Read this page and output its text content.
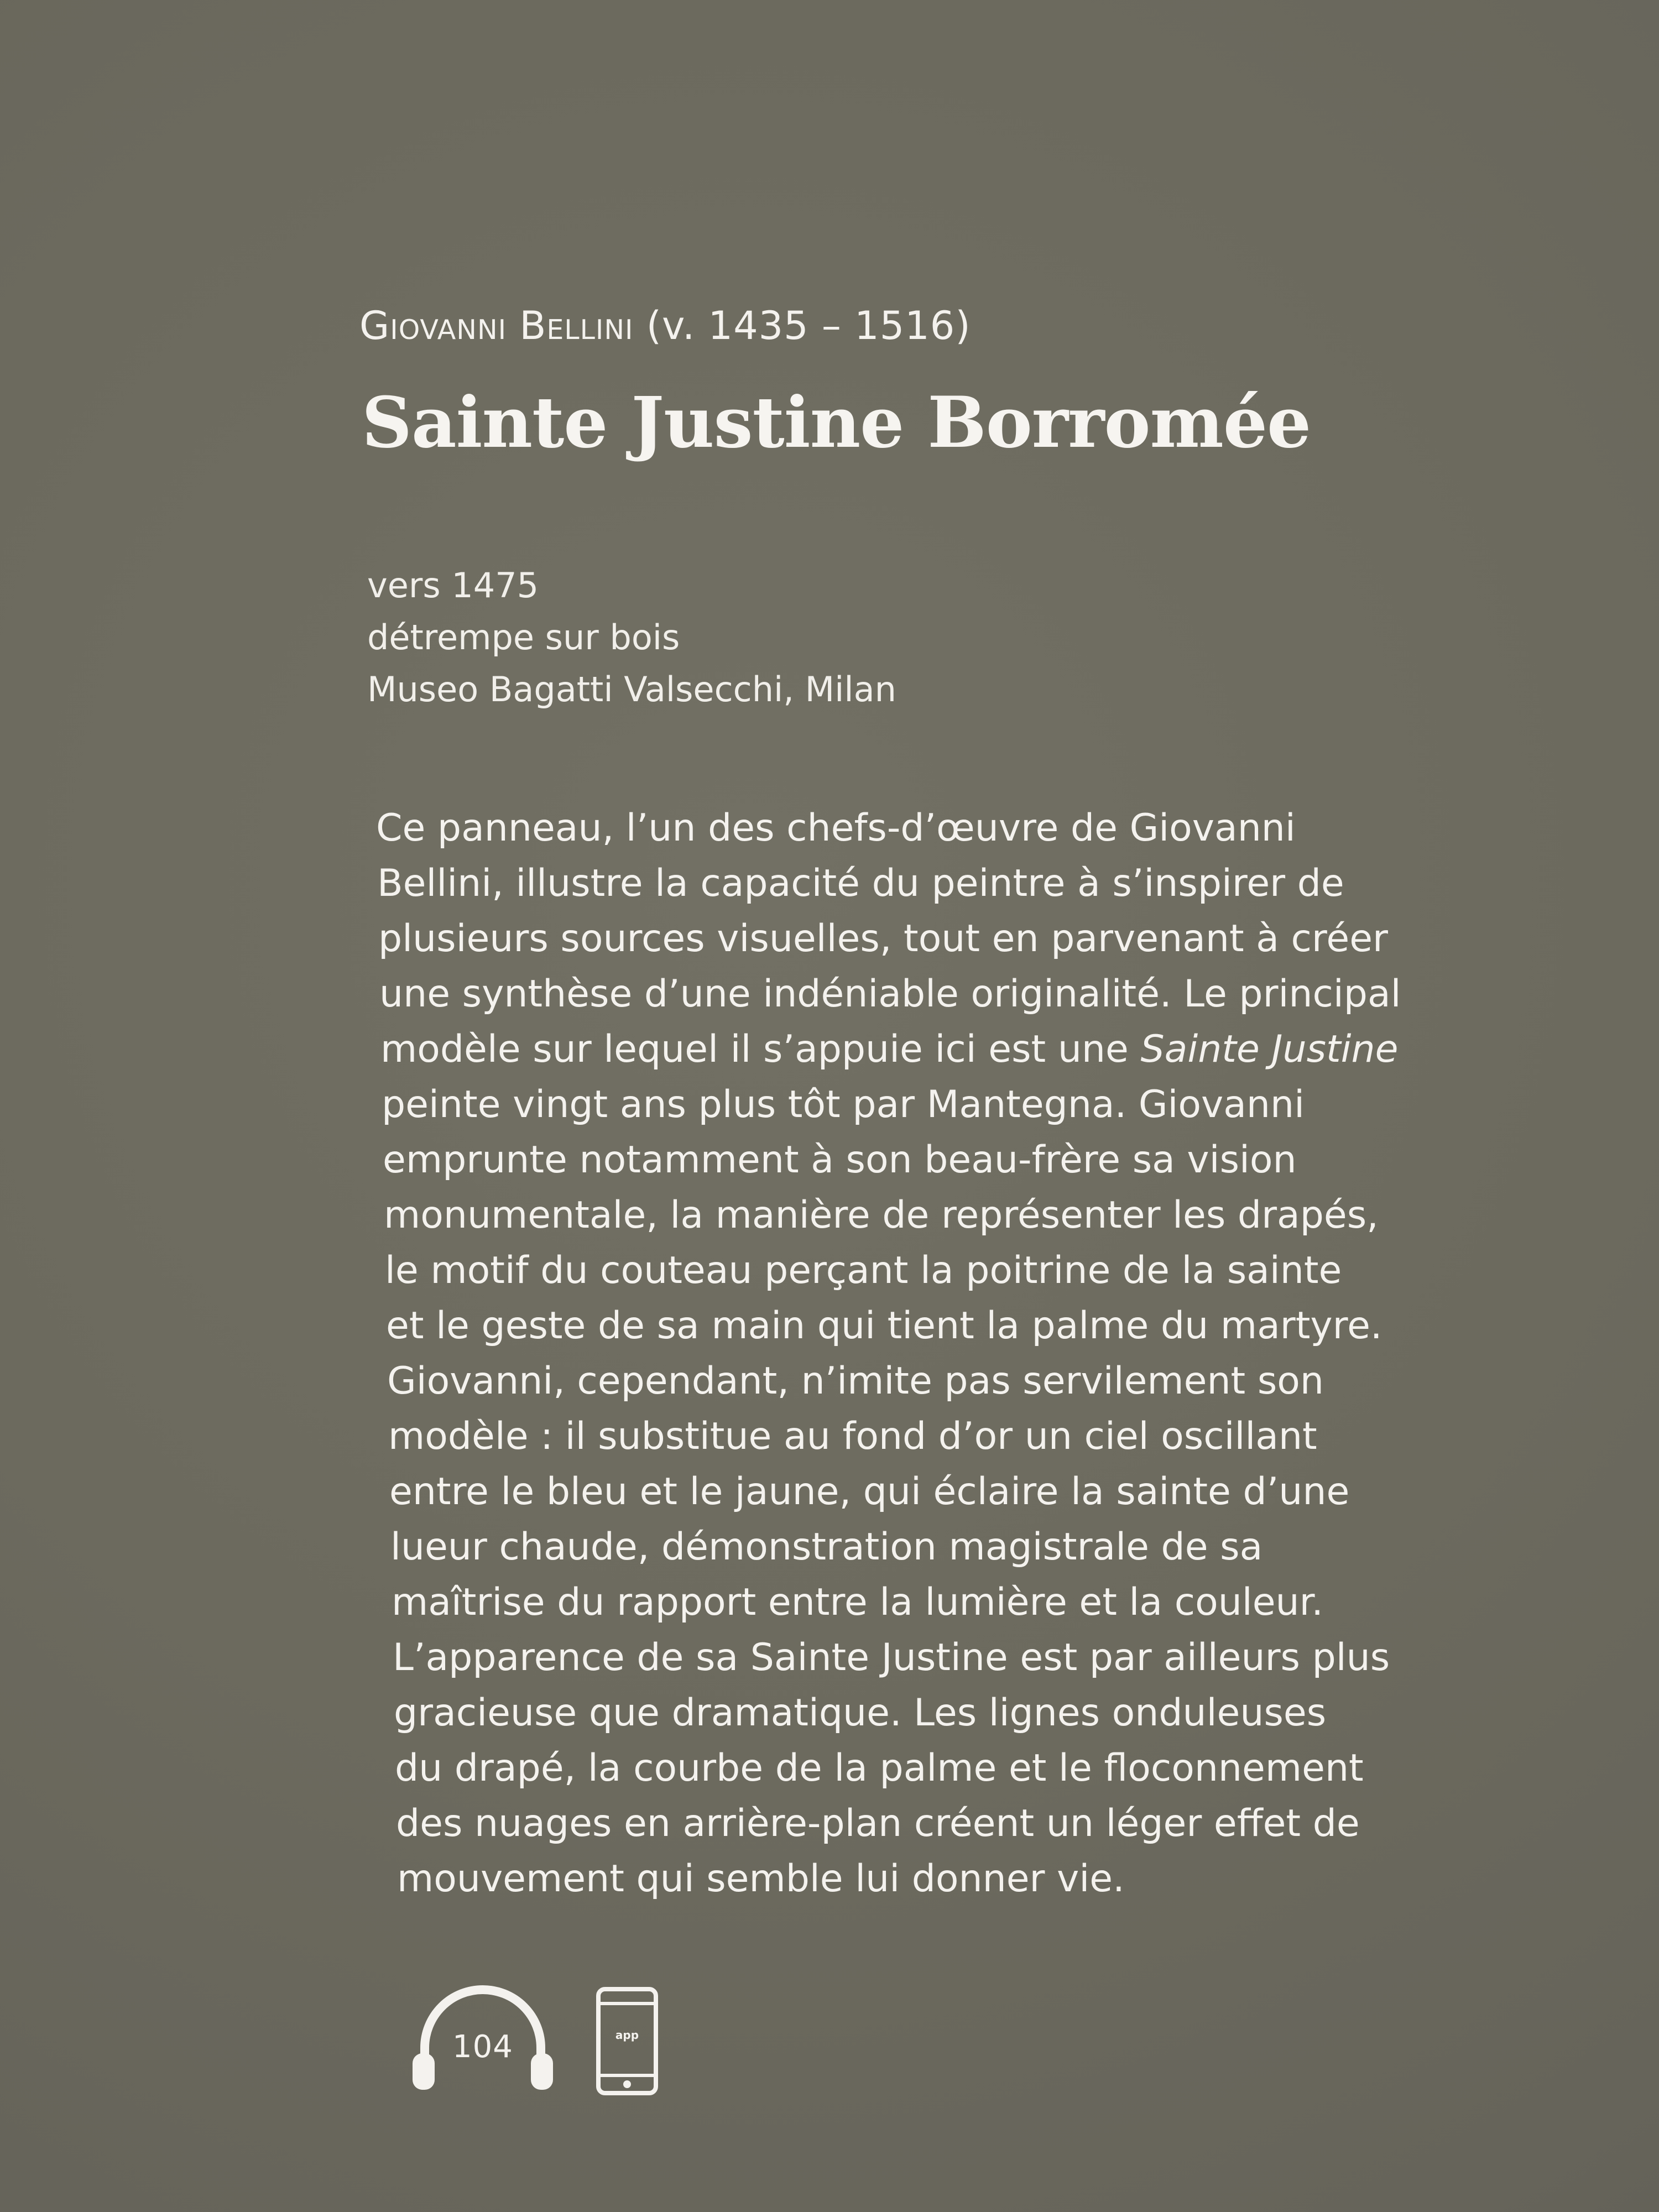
Giovanni Bellini (v. 1435 – 1516)
Sainte Justine Borromée
vers 1475
détrempe sur bois
Museo Bagatti Valsecchi, Milan
Ce panneau, l’un des chefs-d’œuvre de Giovanni
Bellini, illustre la capacité du peintre à s’inspirer de
plusieurs sources visuelles, tout en parvenant à créer
une synthèse d’une indéniable originalité. Le principal
modèle sur lequel il s’appuie ici est une Sainte Justine
peinte vingt ans plus tôt par Mantegna. Giovanni
emprunte notamment à son beau-frère sa vision
monumentale, la manière de représenter les drapés,
le motif du couteau perçant la poitrine de la sainte
et le geste de sa main qui tient la palme du martyre.
Giovanni, cependant, n’imite pas servilement son
modèle : il substitue au fond d’or un ciel oscillant
entre le bleu et le jaune, qui éclaire la sainte d’une
lueur chaude, démonstration magistrale de sa
maîtrise du rapport entre la lumière et la couleur.
L’apparence de sa Sainte Justine est par ailleurs plus
gracieuse que dramatique. Les lignes onduleuses
du drapé, la courbe de la palme et le floconnement
des nuages en arrière-plan créent un léger effet de
mouvement qui semble lui donner vie.
104	app
